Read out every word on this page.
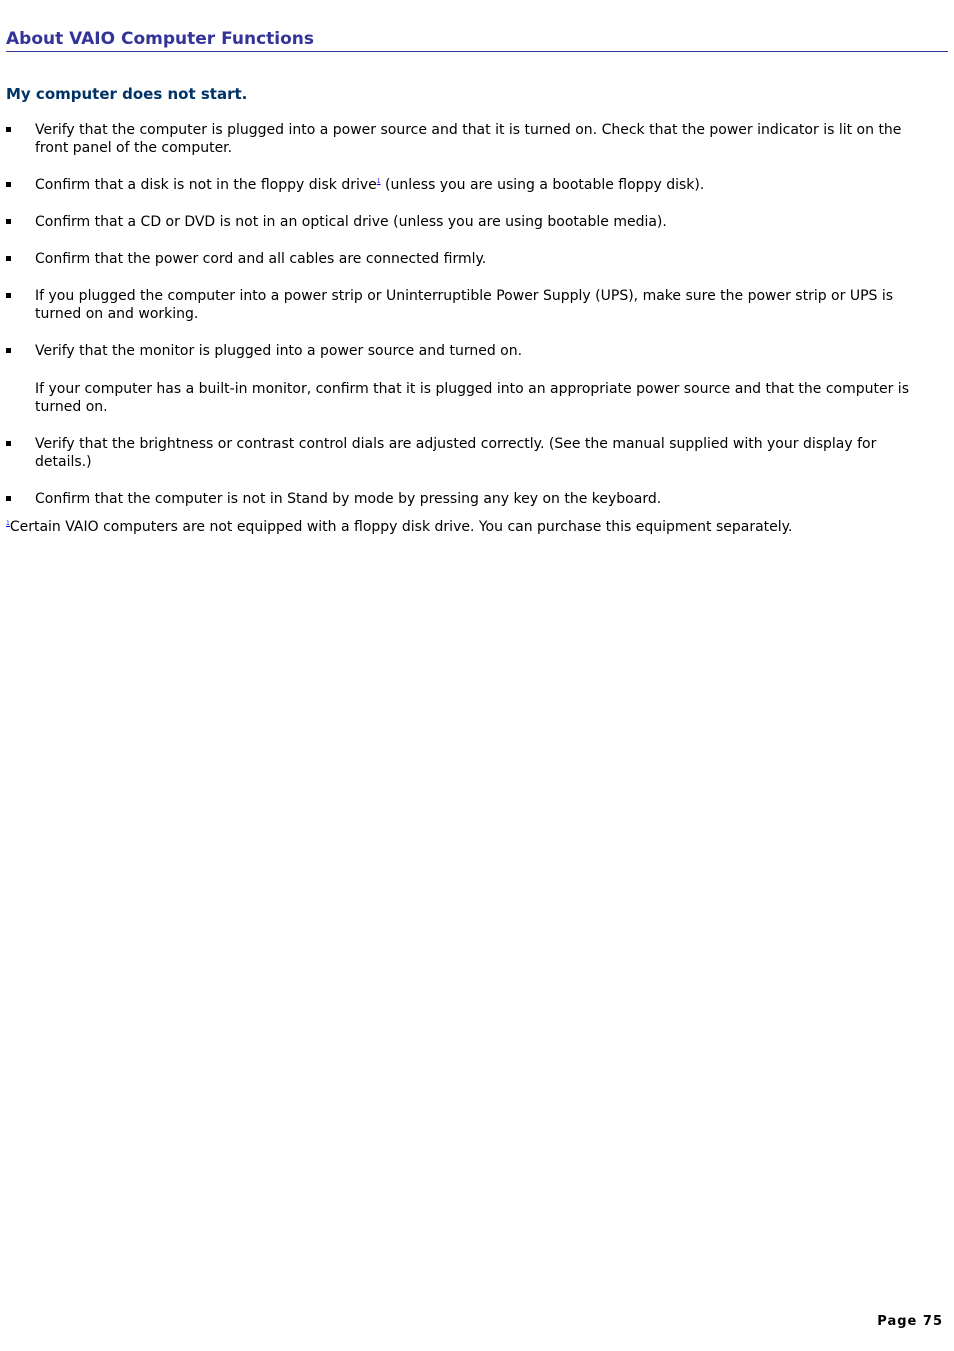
About VAIO Computer Functions
My computer does not start.
Verify that the computer is plugged into a power source and that it is turned on. Check that the power indicator is lit on the front panel of the computer.
Confirm that a disk is not in the floppy disk drive$^1$ (unless you are using a bootable floppy disk).
Confirm that a CD or DVD is not in an optical drive (unless you are using bootable media).
Confirm that the power cord and all cables are connected firmly.
If you plugged the computer into a power strip or Uninterruptible Power Supply (UPS), make sure the power strip or UPS is turned on and working.
Verify that the monitor is plugged into a power source and turned on.
If your computer has a built-in monitor, confirm that it is plugged into an appropriate power source and that the computer is turned on.
Verify that the brightness or contrast control dials are adjusted correctly. (See the manual supplied with your display for details.)
Confirm that the computer is not in Stand by mode by pressing any key on the keyboard.

$^1$Certain VAIO computers are not equipped with a floppy disk drive. You can purchase this equipment separately.

Page 75
